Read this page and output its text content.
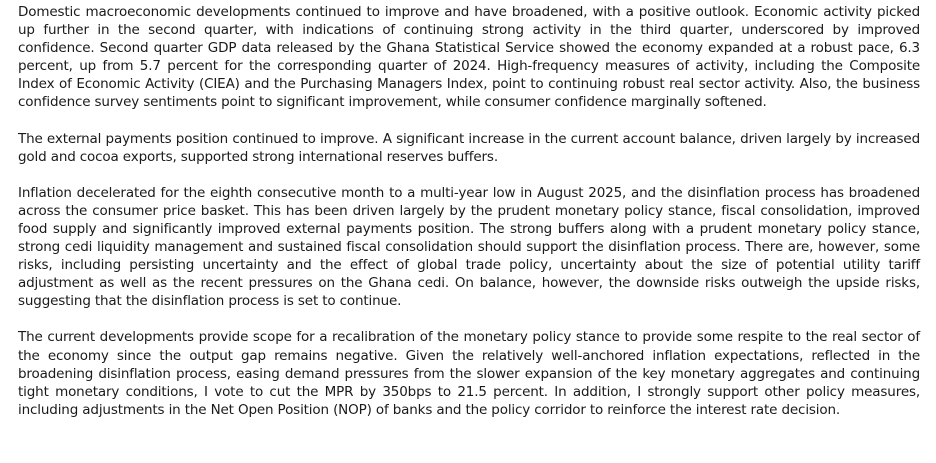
Domestic macroeconomic developments continued to improve and have broadened, with a positive outlook. Economic activity picked up further in the second quarter, with indications of continuing strong activity in the third quarter, underscored by improved confidence. Second quarter GDP data released by the Ghana Statistical Service showed the economy expanded at a robust pace, 6.3 percent, up from 5.7 percent for the corresponding quarter of 2024. High-frequency measures of activity, including the Composite Index of Economic Activity (CIEA) and the Purchasing Managers Index, point to continuing robust real sector activity. Also, the business confidence survey sentiments point to significant improvement, while consumer confidence marginally softened.

The external payments position continued to improve. A significant increase in the current account balance, driven largely by increased gold and cocoa exports, supported strong international reserves buffers.

Inflation decelerated for the eighth consecutive month to a multi-year low in August 2025, and the disinflation process has broadened across the consumer price basket. This has been driven largely by the prudent monetary policy stance, fiscal consolidation, improved food supply and significantly improved external payments position. The strong buffers along with a prudent monetary policy stance, strong cedi liquidity management and sustained fiscal consolidation should support the disinflation process. There are, however, some risks, including persisting uncertainty and the effect of global trade policy, uncertainty about the size of potential utility tariff adjustment as well as the recent pressures on the Ghana cedi. On balance, however, the downside risks outweigh the upside risks, suggesting that the disinflation process is set to continue.

The current developments provide scope for a recalibration of the monetary policy stance to provide some respite to the real sector of the economy since the output gap remains negative. Given the relatively well-anchored inflation expectations, reflected in the broadening disinflation process, easing demand pressures from the slower expansion of the key monetary aggregates and continuing tight monetary conditions, I vote to cut the MPR by 350bps to 21.5 percent. In addition, I strongly support other policy measures, including adjustments in the Net Open Position (NOP) of banks and the policy corridor to reinforce the interest rate decision.
